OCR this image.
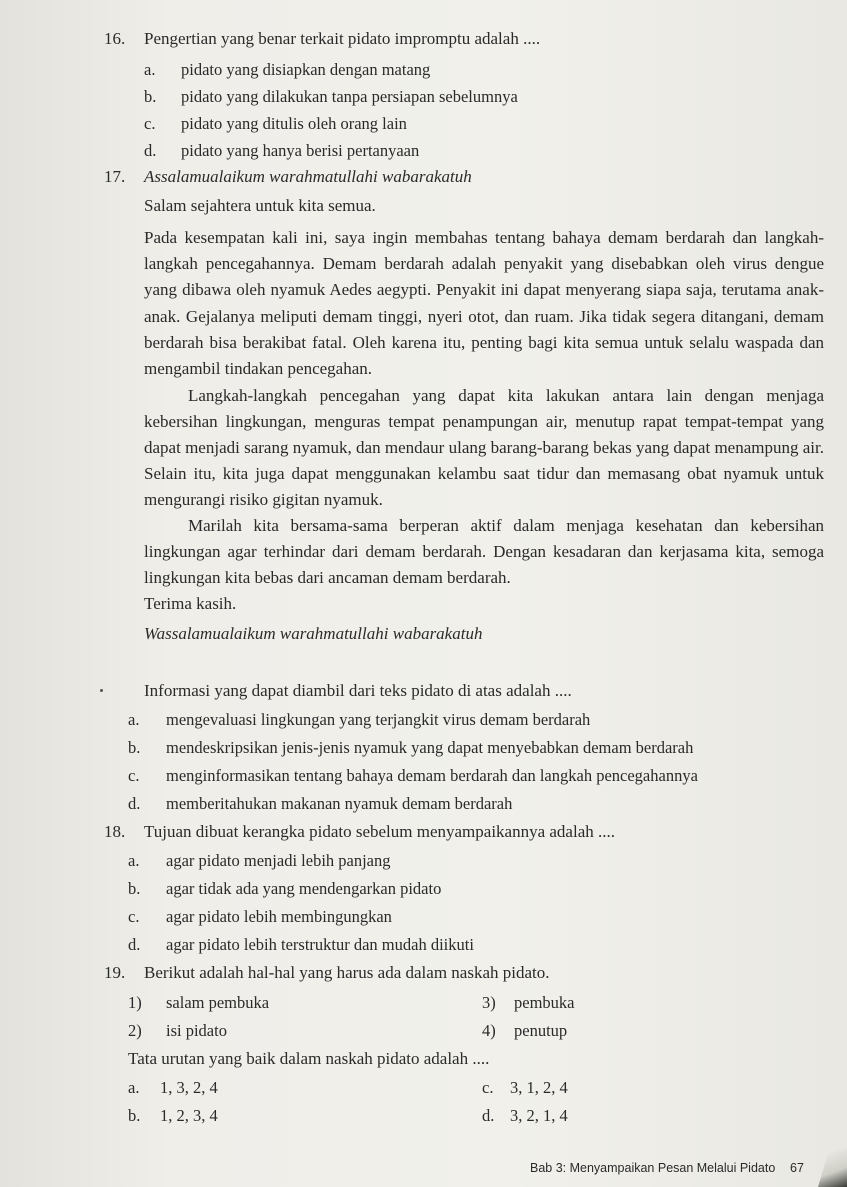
16. Pengertian yang benar terkait pidato impromptu adalah ....
a. pidato yang disiapkan dengan matang
b. pidato yang dilakukan tanpa persiapan sebelumnya
c. pidato yang ditulis oleh orang lain
d. pidato yang hanya berisi pertanyaan
17. Assalamualaikum warahmatullahi wabarakatuh
Salam sejahtera untuk kita semua.
Pada kesempatan kali ini, saya ingin membahas tentang bahaya demam berdarah dan langkah-langkah pencegahannya. Demam berdarah adalah penyakit yang disebabkan oleh virus dengue yang dibawa oleh nyamuk Aedes aegypti. Penyakit ini dapat menyerang siapa saja, terutama anak-anak. Gejalanya meliputi demam tinggi, nyeri otot, dan ruam. Jika tidak segera ditangani, demam berdarah bisa berakibat fatal. Oleh karena itu, penting bagi kita semua untuk selalu waspada dan mengambil tindakan pencegahan.
Langkah-langkah pencegahan yang dapat kita lakukan antara lain dengan menjaga kebersihan lingkungan, menguras tempat penampungan air, menutup rapat tempat-tempat yang dapat menjadi sarang nyamuk, dan mendaur ulang barang-barang bekas yang dapat menampung air. Selain itu, kita juga dapat menggunakan kelambu saat tidur dan memasang obat nyamuk untuk mengurangi risiko gigitan nyamuk.
Marilah kita bersama-sama berperan aktif dalam menjaga kesehatan dan kebersihan lingkungan agar terhindar dari demam berdarah. Dengan kesadaran dan kerjasama kita, semoga lingkungan kita bebas dari ancaman demam berdarah.
Terima kasih.
Wassalamualaikum warahmatullahi wabarakatuh
Informasi yang dapat diambil dari teks pidato di atas adalah ....
a. mengevaluasi lingkungan yang terjangkit virus demam berdarah
b. mendeskripsikan jenis-jenis nyamuk yang dapat menyebabkan demam berdarah
c. menginformasikan tentang bahaya demam berdarah dan langkah pencegahannya
d. memberitahukan makanan nyamuk demam berdarah
18. Tujuan dibuat kerangka pidato sebelum menyampaikannya adalah ....
a. agar pidato menjadi lebih panjang
b. agar tidak ada yang mendengarkan pidato
c. agar pidato lebih membingungkan
d. agar pidato lebih terstruktur dan mudah diikuti
19. Berikut adalah hal-hal yang harus ada dalam naskah pidato.
1) salam pembuka	3) pembuka
2) isi pidato	4) penutup
Tata urutan yang baik dalam naskah pidato adalah ....
a. 1, 3, 2, 4	c. 3, 1, 2, 4
b. 1, 2, 3, 4	d. 3, 2, 1, 4
Bab 3: Menyampaikan Pesan Melalui Pidato 67
